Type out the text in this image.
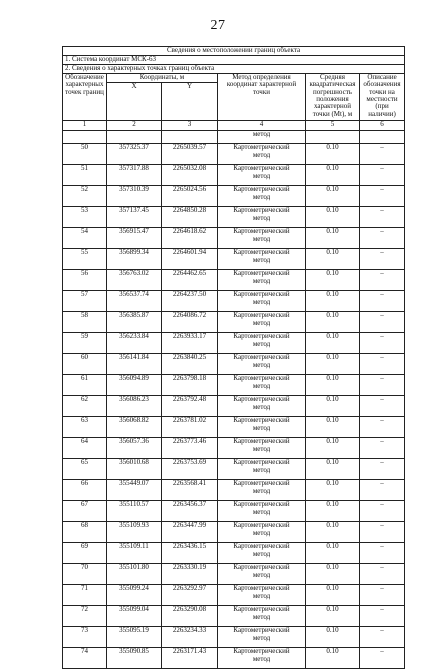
27
Сведения о местоположении границ объекта					
1. Система координат МСК-63					
2. Сведения о характерных точках границ объекта					
Обозначение характерных точек границ	Координаты, м		Метод определения координат характерной точки	Средняя квадратическая погрешность положения характерной точки (Mt), м	Описание обозначения точки на местности (при наличии)
	X	Y			
1	2	3	4	5	6
			метод		
50	357325.37	2265039.57	Картометрический
метод	0.10	–
51	357317.88	2265032.08	Картометрический
метод	0.10	–
52	357310.39	2265024.56	Картометрический
метод	0.10	–
53	357137.45	2264850.28	Картометрический
метод	0.10	–
54	356915.47	2264618.62	Картометрический
метод	0.10	–
55	356899.34	2264601.94	Картометрический
метод	0.10	–
56	356763.02	2264462.65	Картометрический
метод	0.10	–
57	356537.74	2264237.50	Картометрический
метод	0.10	–
58	356385.87	2264086.72	Картометрический
метод	0.10	–
59	356233.84	2263933.17	Картометрический
метод	0.10	–
60	356141.84	2263840.25	Картометрический
метод	0.10	–
61	356094.89	2263798.18	Картометрический
метод	0.10	–
62	356086.23	2263792.48	Картометрический
метод	0.10	–
63	356068.82	2263781.02	Картометрический
метод	0.10	–
64	356057.36	2263773.46	Картометрический
метод	0.10	–
65	356010.68	2263753.69	Картометрический
метод	0.10	–
66	355449.07	2263568.41	Картометрический
метод	0.10	–
67	355110.57	2263456.37	Картометрический
метод	0.10	–
68	355109.93	2263447.99	Картометрический
метод	0.10	–
69	355109.11	2263436.15	Картометрический
метод	0.10	–
70	355101.80	2263330.19	Картометрический
метод	0.10	–
71	355099.24	2263292.97	Картометрический
метод	0.10	–
72	355099.04	2263290.08	Картометрический
метод	0.10	–
73	355095.19	2263234.33	Картометрический
метод	0.10	–
74	355090.85	2263171.43	Картометрический
метод	0.10	–
